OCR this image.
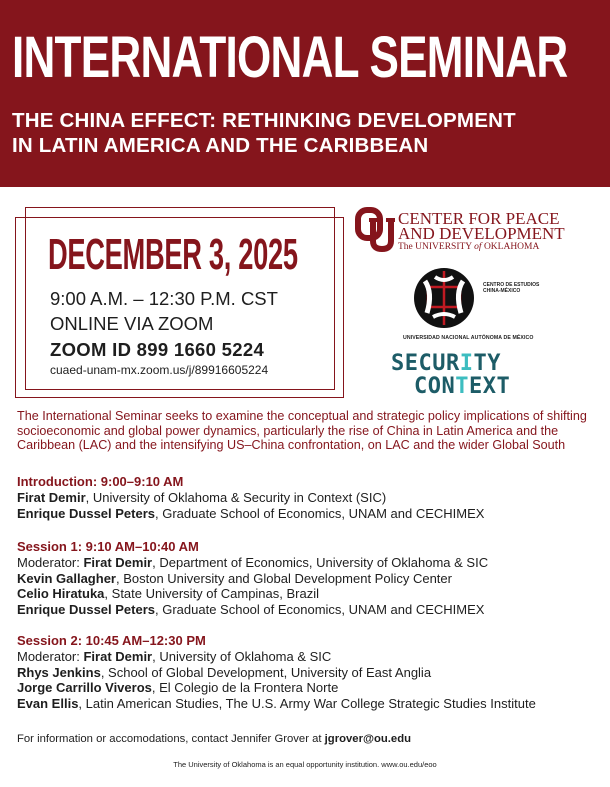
INTERNATIONAL SEMINAR
THE CHINA EFFECT: RETHINKING DEVELOPMENT
IN LATIN AMERICA AND THE CARIBBEAN
DECEMBER 3, 2025
9:00 A.M. – 12:30 P.M. CST
ONLINE VIA ZOOM
ZOOM ID 899 1660 5224
cuaed-unam-mx.zoom.us/j/89916605224
CENTER FOR PEACE
AND DEVELOPMENT
The UNIVERSITY of OKLAHOMA
CENTRO DE ESTUDIOS
CHINA-MÉXICO
UNIVERSIDAD NACIONAL AUTÓNOMA DE MÉXICO
SECURITY
CONTEXT
The International Seminar seeks to examine the conceptual and strategic policy implications of shifting socioeconomic and global power dynamics, particularly the rise of China in Latin America and the Caribbean (LAC) and the intensifying US–China confrontation, on LAC and the wider Global South
Introduction: 9:00–9:10 AM
Firat Demir, University of Oklahoma & Security in Context (SIC)
Enrique Dussel Peters, Graduate School of Economics, UNAM and CECHIMEX
Session 1: 9:10 AM–10:40 AM
Moderator: Firat Demir, Department of Economics, University of Oklahoma & SIC
Kevin Gallagher, Boston University and Global Development Policy Center
Celio Hiratuka, State University of Campinas, Brazil
Enrique Dussel Peters, Graduate School of Economics, UNAM and CECHIMEX
Session 2: 10:45 AM–12:30 PM
Moderator: Firat Demir, University of Oklahoma & SIC
Rhys Jenkins, School of Global Development, University of East Anglia
Jorge Carrillo Viveros, El Colegio de la Frontera Norte
Evan Ellis, Latin American Studies, The U.S. Army War College Strategic Studies Institute
For information or accomodations, contact Jennifer Grover at jgrover@ou.edu
The University of Oklahoma is an equal opportunity institution. www.ou.edu/eoo
